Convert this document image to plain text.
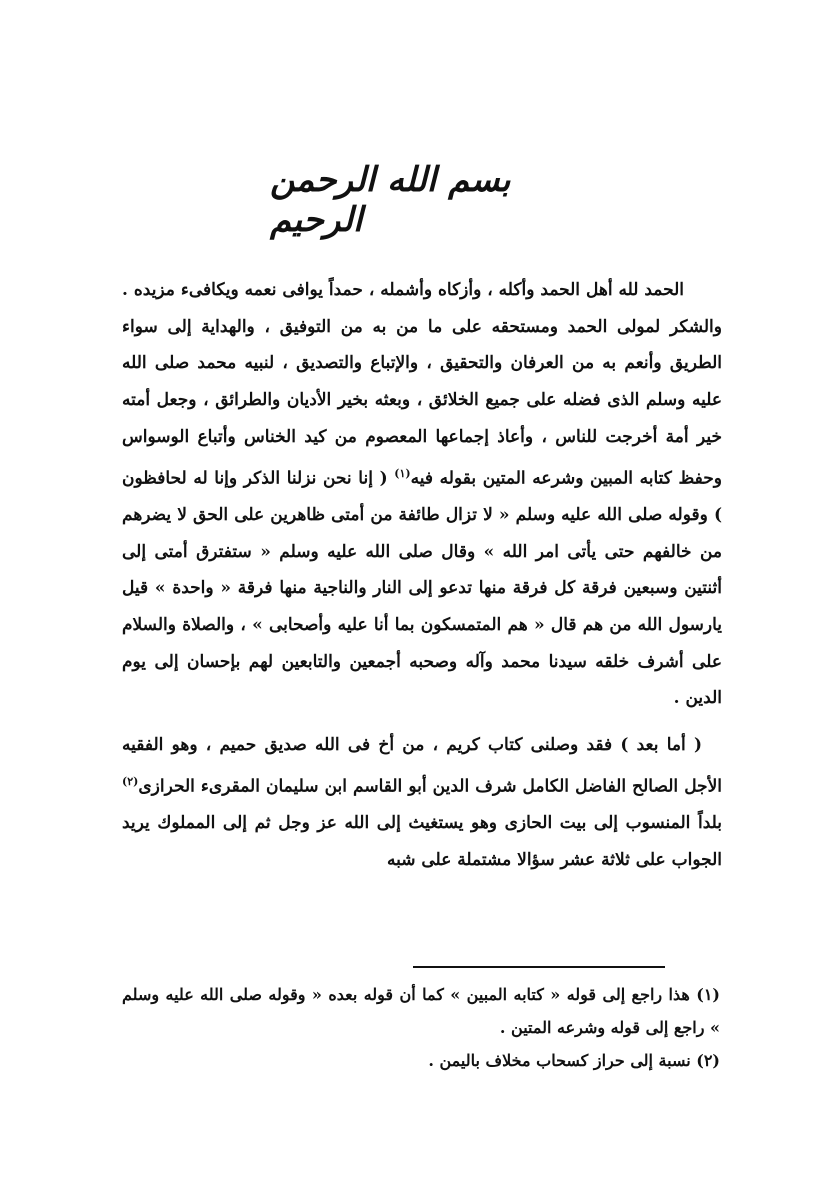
بسم الله الرحمن الرحيم

الحمد لله أهل الحمد وأكله ، وأزكاه وأشمله ، حمداً يوافى نعمه ويكافىء مزيده . والشكر لمولى الحمد ومستحقه على ما من به من التوفيق ، والهداية إلى سواء الطريق وأنعم به من العرفان والتحقيق ، والإتباع والتصديق ، لنبيه محمد صلى الله عليه وسلم الذى فضله على جميع الخلائق ، وبعثه بخير الأديان والطرائق ، وجعل أمته خير أمة أخرجت للناس ، وأعاذ إجماعها المعصوم من كيد الخناس وأتباع الوسواس وحفظ كتابه المبين وشرعه المتين بقوله فيه$^{(١)}$ ( إنا نحن نزلنا الذكر وإنا له لحافظون ) وقوله صلى الله عليه وسلم « لا تزال طائفة من أمتى ظاهرين على الحق لا يضرهم من خالفهم حتى يأتى امر الله » وقال صلى الله عليه وسلم « ستفترق أمتى إلى أثنتين وسبعين فرقة كل فرقة منها تدعو إلى النار والناجية منها فرقة « واحدة » قيل يارسول الله من هم قال « هم المتمسكون بما أنا عليه وأصحابى » ، والصلاة والسلام على أشرف خلقه سيدنا محمد وآله وصحبه أجمعين والتابعين لهم بإحسان إلى يوم الدين .

( أما بعد ) فقد وصلنى كتاب كريم ، من أخ فى الله صديق حميم ، وهو الفقيه الأجل الصالح الفاضل الكامل شرف الدين أبو القاسم ابن سليمان المقرىء الحرازى$^{(٢)}$ بلداً المنسوب إلى بيت الحازى وهو يستغيث إلى الله عز وجل ثم إلى المملوك يريد الجواب على ثلاثة عشر سؤالا مشتملة على شبه

(١) هذا راجع إلى قوله « كتابه المبين » كما أن قوله بعده « وقوله صلى الله عليه وسلم » راجع إلى قوله وشرعه المتين .

(٢) نسبة إلى حراز كسحاب مخلاف باليمن .
